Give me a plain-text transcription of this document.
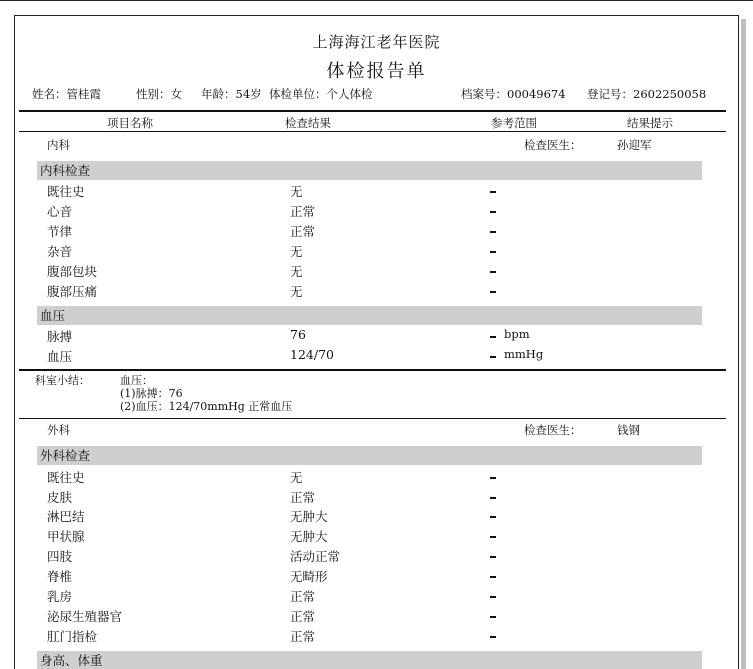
上海海江老年医院
体检报告单
姓名：管桂霞	性别：女 年龄：54岁 体检单位：个人体检	档案号：00049674 登记号：2602250058
项目名称	检查结果	参考范围	结果提示
内科	检查医生：	孙迎军
内科检查
既往史	无
心音	正常
节律	正常
杂音	无
腹部包块	无
腹部压痛	无
血压
脉搏	76	bpm
血压	124/70	mmHg
科室小结：	血压：
(1)脉搏：76
(2)血压：124/70mmHg 正常血压
外科	检查医生：	钱钢
外科检查
既往史	无
皮肤	正常
淋巴结	无肿大
甲状腺	无肿大
四肢	活动正常
脊椎	无畸形
乳房	正常
泌尿生殖器官	正常
肛门指检	正常
身高、体重
